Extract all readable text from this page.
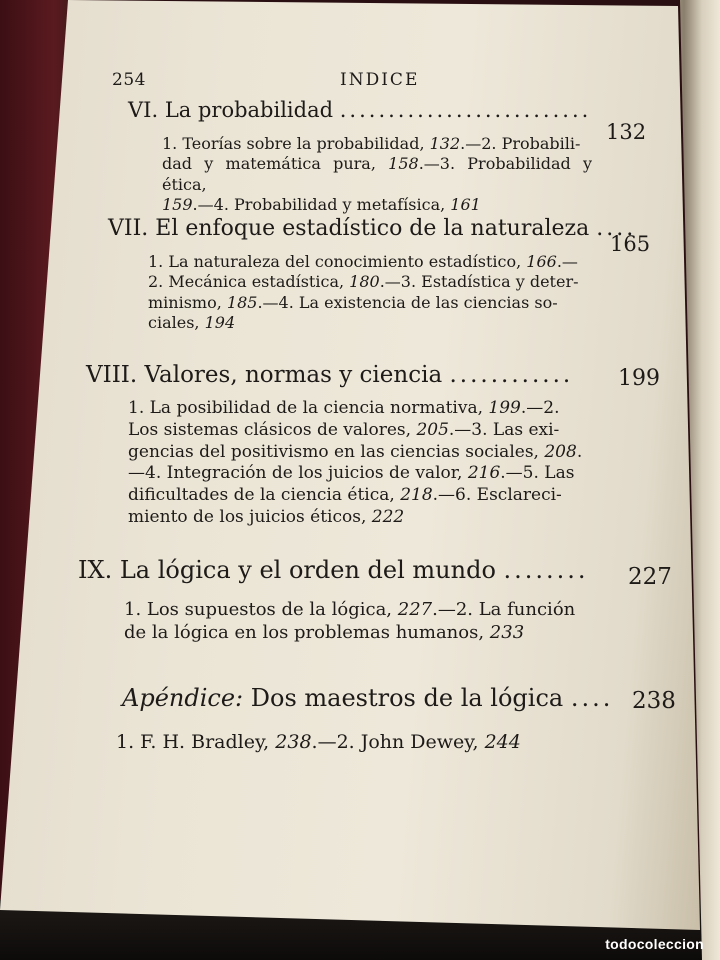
254	INDICE
VI. La probabilidad ..........................
132

1. Teorías sobre la probabilidad, 132.—2. Probabili-

dad y matemática pura, 158.—3. Probabilidad y ética,

159.—4. Probabilidad y metafísica, 161

VII. El enfoque estadístico de la naturaleza ....
165

1. La naturaleza del conocimiento estadístico, 166.—

2. Mecánica estadística, 180.—3. Estadística y deter-

minismo, 185.—4. La existencia de las ciencias so-

ciales, 194

VIII. Valores, normas y ciencia ............ 199

1. La posibilidad de la ciencia normativa, 199.—2.

Los sistemas clásicos de valores, 205.—3. Las exi-

gencias del positivismo en las ciencias sociales, 208.

—4. Integración de los juicios de valor, 216.—5. Las

dificultades de la ciencia ética, 218.—6. Esclareci-

miento de los juicios éticos, 222

IX. La lógica y el orden del mundo ........ 227

1. Los supuestos de la lógica, 227.—2. La función

de la lógica en los problemas humanos, 233

Apéndice: Dos maestros de la lógica .... 238

1. F. H. Bradley, 238.—2. John Dewey, 244

todocoleccion
